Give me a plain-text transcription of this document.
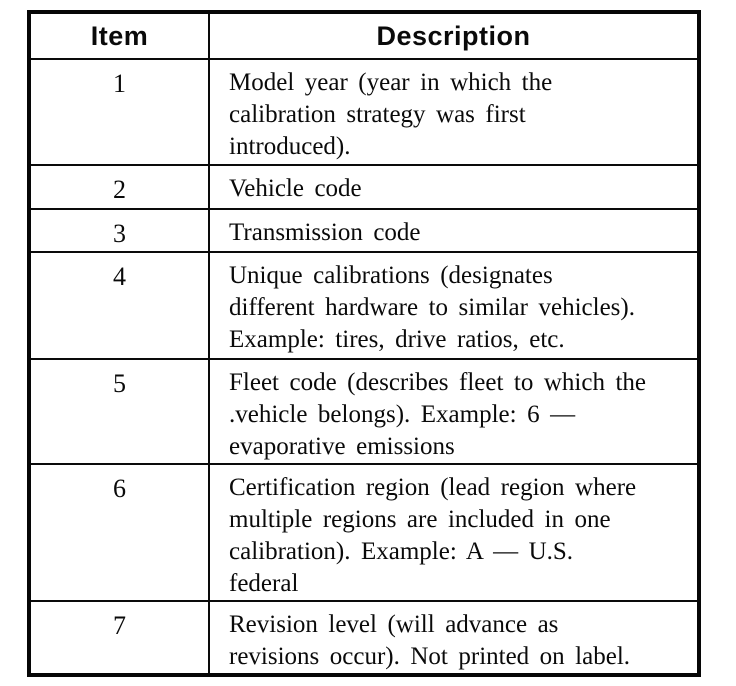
Item	Description
1	Model year (year in which the
calibration strategy was first
introduced).

2	Vehicle code

3	Transmission code

4	Unique calibrations (designates
different hardware to similar vehicles).
Example: tires, drive ratios, etc.

5	Fleet code (describes fleet to which the
.vehicle belongs). Example: 6 —
evaporative emissions

6	Certification region (lead region where
multiple regions are included in one
calibration). Example: A — U.S.
federal

7	Revision level (will advance as
revisions occur). Not printed on label.
